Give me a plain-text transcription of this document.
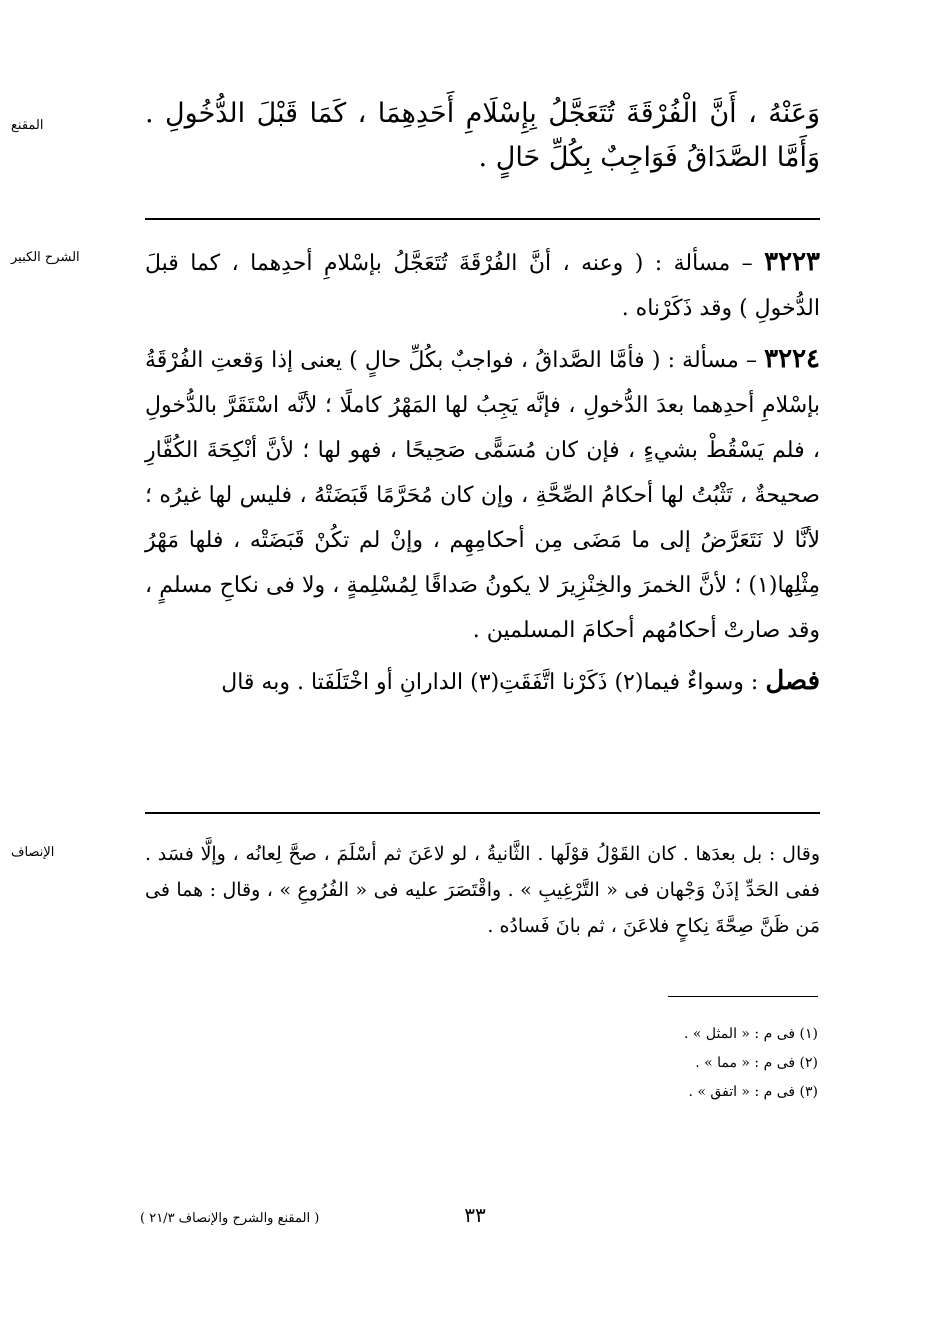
المقنع	وَعَنْهُ ، أَنَّ الْفُرْقَةَ تُتَعَجَّلُ بِإِسْلَامِ أَحَدِهِمَا ، كَمَا قَبْلَ الدُّخُولِ . وَأَمَّا الصَّدَاقُ فَوَاجِبٌ بِكُلِّ حَالٍ .
الشرح الكبير	٣٢٢٣ – مسألة : ( وعنه ، أنَّ الفُرْقَةَ تُتَعَجَّلُ بإسْلامِ أحدِهما ، كما قبلَ الدُّخولِ ) وقد ذَكَرْناه .

٣٢٢٤ – مسألة : ( فأمَّا الصَّداقُ ، فواجبٌ بكُلِّ حالٍ ) يعنى إذا وَقعتِ الفُرْقَةُ بإسْلامِ أحدِهما بعدَ الدُّخولِ ، فإنَّه يَجِبُ لها المَهْرُ كاملًا ؛ لأنَّه اسْتَقَرَّ بالدُّخولِ ، فلم يَسْقُطْ بشيءٍ ، فإن كان مُسَمًّى صَحِيحًا ، فهو لها ؛ لأنَّ أنْكِحَةَ الكُفَّارِ صحيحةٌ ، تَثْبُتُ لها أحكامُ الصِّحَّةِ ، وإن كان مُحَرَّمًا قَبَضَتْهُ ، فليس لها غيرُه ؛ لأنَّا لا نَتَعَرَّضُ إلى ما مَضَى مِن أحكامِهِم ، وإنْ لم تكُنْ قَبَضَتْه ، فلها مَهْرُ مِثْلِها(١) ؛ لأنَّ الخمرَ والخِنْزِيرَ لا يكونُ صَداقًا لِمُسْلِمةٍ ، ولا فى نكاحِ مسلمٍ ، وقد صارتْ أحكامُهم أحكامَ المسلمين .

فصل : وسواءٌ فيما(٢) ذَكَرْنا اتَّفَقَتِ(٣) الدارانِ أو اخْتَلَفَتا . وبه قال

الإنصاف	وقال : بل بعدَها . كان القَوْلُ قوْلَها . الثَّانيةُ ، لو لاعَنَ ثم أسْلَمَ ، صحَّ لِعانُه ، وإلَّا فسَد . ففى الحَدِّ إذَنْ وَجْهان فى « التَّرْغِيبِ » . واقْتَصَرَ عليه فى « الفُرُوعِ » ، وقال : هما فى مَن ظَنَّ صِحَّةَ نِكاحٍ فلاعَنَ ، ثم بانَ فَسادُه .
(١) فى م : « المثل » .
(٢) فى م : « مما » .
(٣) فى م : « اتفق » .
٣٣
( المقنع والشرح والإنصاف ٢١/٣ )
